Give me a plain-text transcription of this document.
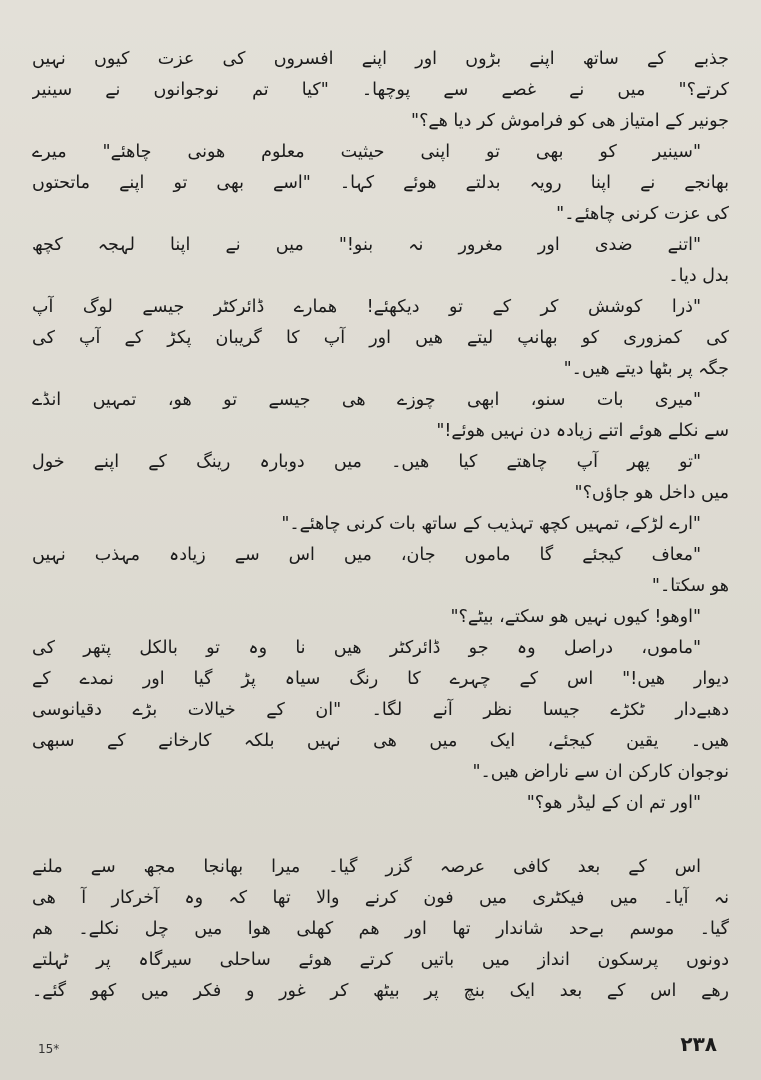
جذبے کے ساتھ اپنے بڑوں اور اپنے افسروں کی عزت کیوں نہیں
کرتے؟" میں نے غصے سے پوچھا۔ "کیا تم نوجوانوں نے سینیر
جونیر کے امتیاز ھی کو فراموش کر دیا ھے؟"
"سینیر کو بھی تو اپنی حیثیت معلوم ھونی چاھئے" میرے
بھانجے نے اپنا رویہ بدلتے ھوئے کہا۔ "اسے بھی تو اپنے ماتحتوں
کی عزت کرنی چاھئے۔"
"اتنے ضدی اور مغرور نہ بنو!" میں نے اپنا لہجہ کچھ
بدل دیا۔
"ذرا کوشش کر کے تو دیکھئے! ھمارے ڈائرکٹر جیسے لوگ آپ
کی کمزوری کو بھانپ لیتے ھیں اور آپ کا گریبان پکڑ کے آپ کی
جگہ پر بٹھا دیتے ھیں۔"
"میری بات سنو، ابھی چوزے ھی جیسے تو ھو، تمہیں انڈے
سے نکلے ھوئے اتنے زیادہ دن نہیں ھوئے!"
"تو پھر آپ چاھتے کیا ھیں۔ میں دوبارہ رینگ کے اپنے خول
میں داخل ھو جاؤں؟"
"ارے لڑکے، تمہیں کچھ تہذیب کے ساتھ بات کرنی چاھئے۔"
"معاف کیجئے گا ماموں جان، میں اس سے زیادہ مہذب نہیں
ھو سکتا۔"
"اوھو! کیوں نہیں ھو سکتے، بیٹے؟"
"ماموں، دراصل وہ جو ڈائرکٹر ھیں نا وہ تو بالکل پتھر کی
دیوار ھیں!" اس کے چہرے کا رنگ سیاہ پڑ گیا اور نمدے کے
دھبےدار ٹکڑے جیسا نظر آنے لگا۔ "ان کے خیالات بڑے دقیانوسی
ھیں۔ یقین کیجئے، ایک میں ھی نہیں بلکہ کارخانے کے سبھی
نوجوان کارکن ان سے ناراض ھیں۔"
"اور تم ان کے لیڈر ھو؟"
اس کے بعد کافی عرصہ گزر گیا۔ میرا بھانجا مجھ سے ملنے
نہ آیا۔ میں فیکٹری میں فون کرنے والا تھا کہ وہ آخرکار آ ھی
گیا۔ موسم بےحد شاندار تھا اور ھم کھلی ھوا میں چل نکلے۔ ھم
دونوں پرسکون انداز میں باتیں کرتے ھوئے ساحلی سیرگاہ پر ٹہلتے
رھے اس کے بعد ایک بنچ پر بیٹھ کر غور و فکر میں کھو گئے۔
۲۳۸
15*
